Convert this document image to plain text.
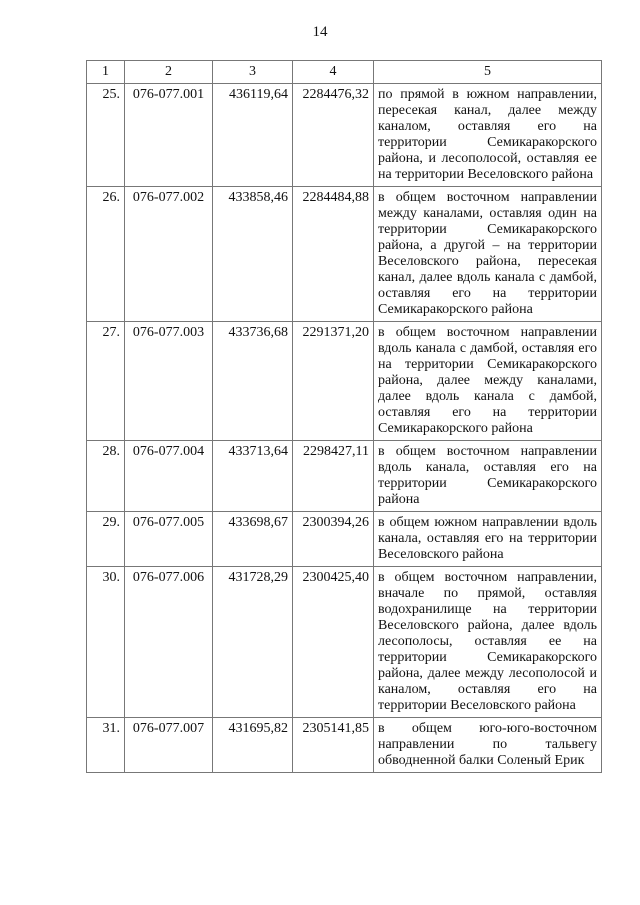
14
1	2	3	4	5
25.	076-077.001	436119,64	2284476,32	по прямой в южном направлении, пересекая канал, далее между каналом, оставляя его на территории Семикаракорского района, и лесополосой, оставляя ее на территории Веселовского района
26.	076-077.002	433858,46	2284484,88	в общем восточном направлении между каналами, оставляя один на территории Семикаракорского района, а другой – на территории Веселовского района, пересекая канал, далее вдоль канала с дамбой, оставляя его на территории Семикаракорского района
27.	076-077.003	433736,68	2291371,20	в общем восточном направлении вдоль канала с дамбой, оставляя его на территории Семикаракорского района, далее между каналами, далее вдоль канала с дамбой, оставляя его на территории Семикаракорского района
28.	076-077.004	433713,64	2298427,11	в общем восточном направлении вдоль канала, оставляя его на территории Семикаракорского района
29.	076-077.005	433698,67	2300394,26	в общем южном направлении вдоль канала, оставляя его на территории Веселовского района
30.	076-077.006	431728,29	2300425,40	в общем восточном направлении, вначале по прямой, оставляя водохранилище на территории Веселовского района, далее вдоль лесополосы, оставляя ее на территории Семикаракорского района, далее между лесополосой и каналом, оставляя его на территории Веселовского района
31.	076-077.007	431695,82	2305141,85	в общем юго-юго-восточном направлении по тальвегу обводненной балки Соленый Ерик
